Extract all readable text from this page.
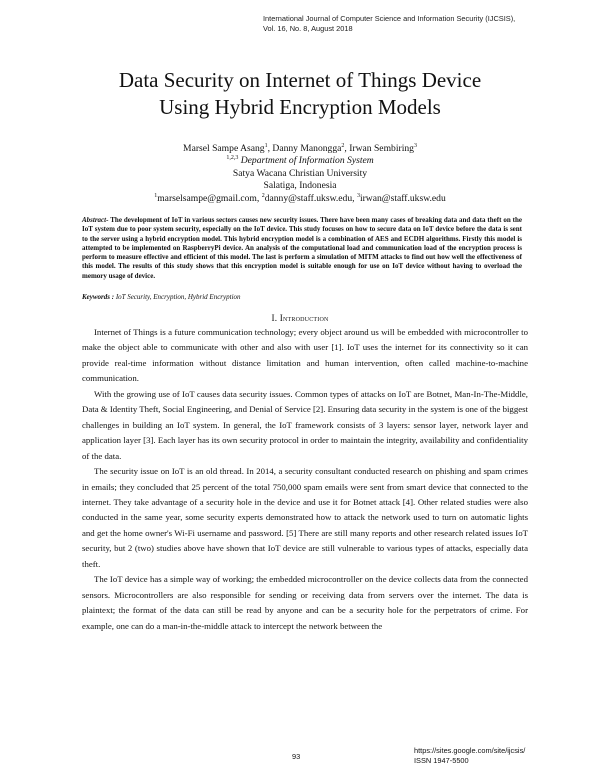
International Journal of Computer Science and Information Security (IJCSIS),
Vol. 16, No. 8, August 2018
Data Security on Internet of Things Device
Using Hybrid Encryption Models
Marsel Sampe Asang$^1$, Danny Manongga$^2$, Irwan Sembiring$^3$
$^{1,2,3}$ Department of Information System
Satya Wacana Christian University
Salatiga, Indonesia
$^1$marselsampe@gmail.com, $^2$danny@staff.uksw.edu, $^3$irwan@staff.uksw.edu
Abstract- The development of IoT in various sectors causes new security issues. There have been many cases of breaking data and data theft on the IoT system due to poor system security, especially on the IoT device. This study focuses on how to secure data on IoT device before the data is sent to the server using a hybrid encryption model. This hybrid encryption model is a combination of AES and ECDH algorithms. Firstly this model is attempted to be implemented on RaspberryPi device. An analysis of the computational load and communication load of the encryption process is perform to measure effective and efficient of this model. The last is perform a simulation of MITM attacks to find out how well the effectiveness of this model. The results of this study shows that this encryption model is suitable enough for use on IoT device without having to overload the memory usage of device.
Keywords : IoT Security, Encryption, Hybrid Encryption
I. Introduction

Internet of Things is a future communication technology; every object around us will be embedded with microcontroller to make the object able to communicate with other and also with user [1]. IoT uses the internet for its connectivity so it can provide real-time information without distance limitation and human intervention, often called machine-to-machine communication.

With the growing use of IoT causes data security issues. Common types of attacks on IoT are Botnet, Man-In-The-Middle, Data & Identity Theft, Social Engineering, and Denial of Service [2]. Ensuring data security in the system is one of the biggest challenges in building an IoT system. In general, the IoT framework consists of 3 layers: sensor layer, network layer and application layer [3]. Each layer has its own security protocol in order to maintain the integrity, availability and confidentiality of the data.

The security issue on IoT is an old thread. In 2014, a security consultant conducted research on phishing and spam crimes in emails; they concluded that 25 percent of the total 750,000 spam emails were sent from smart device that connected to the internet. They take advantage of a security hole in the device and use it for Botnet attack [4]. Other related studies were also conducted in the same year, some security experts demonstrated how to attack the network used to turn on automatic lights and get the home owner's Wi-Fi username and password. [5] There are still many reports and other research related issues IoT security, but 2 (two) studies above have shown that IoT device are still vulnerable to various types of attacks, especially data theft.

The IoT device has a simple way of working; the embedded microcontroller on the device collects data from the connected sensors. Microcontrollers are also responsible for sending or receiving data from servers over the internet. The data is plaintext; the format of the data can still be read by anyone and can be a security hole for the perpetrators of crime. For example, one can do a man-in-the-middle attack to intercept the network between the

93
https://sites.google.com/site/ijcsis/
ISSN 1947-5500
